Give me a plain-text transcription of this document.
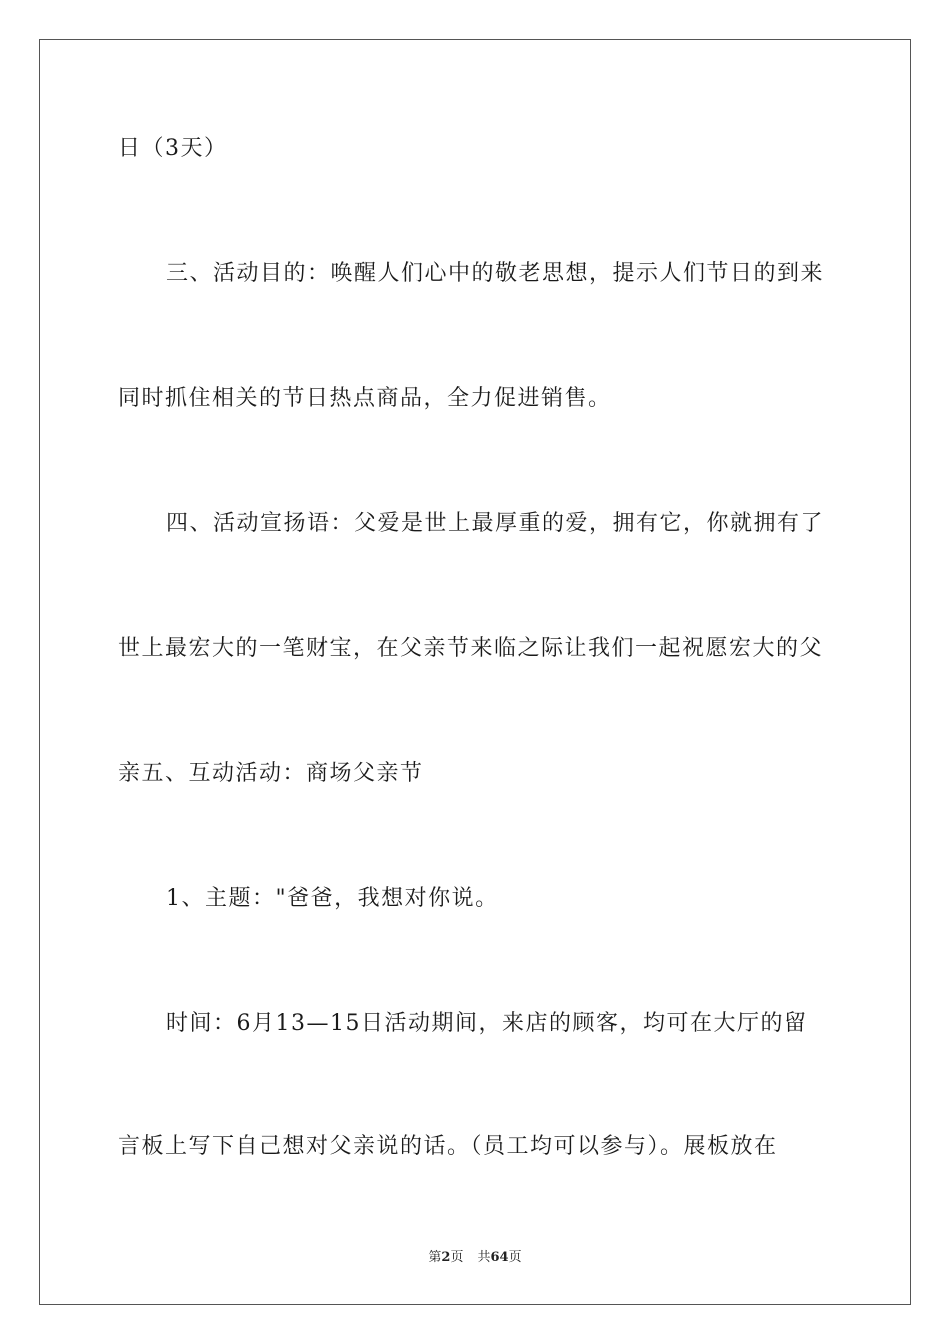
日（3天）
三、活动目的：唤醒人们心中的敬老思想，提示人们节日的到来
同时抓住相关的节日热点商品，全力促进销售。
四、活动宣扬语：父爱是世上最厚重的爱，拥有它，你就拥有了
世上最宏大的一笔财宝，在父亲节来临之际让我们一起祝愿宏大的父
亲五、互动活动：商场父亲节
1、主题："爸爸，我想对你说。
时间：6月13—15日活动期间，来店的顾客，均可在大厅的留
言板上写下自己想对父亲说的话。（员工均可以参与）。展板放在
第2页 共64页
